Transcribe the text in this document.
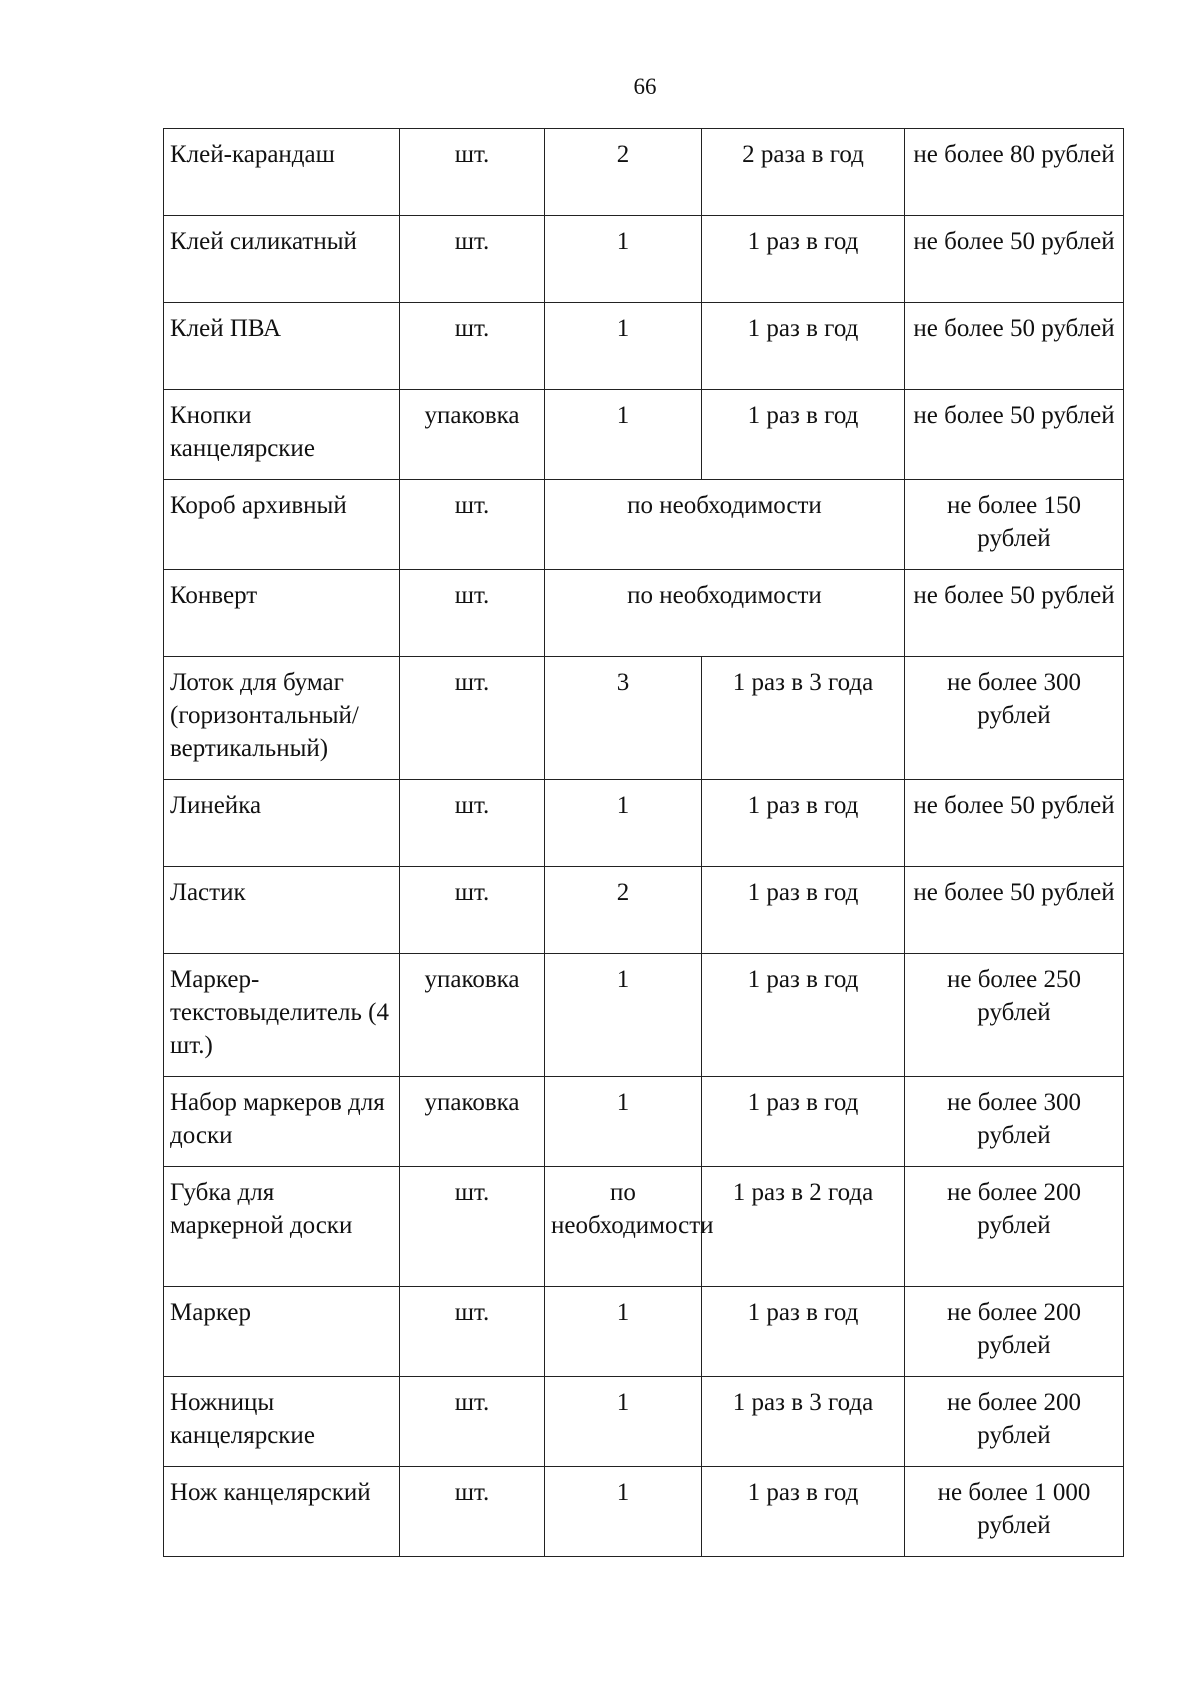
66
Клей-карандаш	шт.	2	2 раза в год	не более 80 рублей
Клей силикатный	шт.	1	1 раз в год	не более 50 рублей
Клей ПВА	шт.	1	1 раз в год	не более 50 рублей
Кнопки канцелярские	упаковка	1	1 раз в год	не более 50 рублей
Короб архивный	шт.	по необходимости		не более 150 рублей
Конверт	шт.	по необходимости		не более 50 рублей
Лоток для бумаг (горизонтальный/ вертикальный)	шт.	3	1 раз в 3 года	не более 300 рублей
Линейка	шт.	1	1 раз в год	не более 50 рублей
Ластик	шт.	2	1 раз в год	не более 50 рублей
Маркер-текстовыделитель (4 шт.)	упаковка	1	1 раз в год	не более 250 рублей
Набор маркеров для доски	упаковка	1	1 раз в год	не более 300 рублей
Губка для маркерной доски	шт.	по необходимости	1 раз в 2 года	не более 200 рублей
Маркер	шт.	1	1 раз в год	не более 200 рублей
Ножницы канцелярские	шт.	1	1 раз в 3 года	не более 200 рублей
Нож канцелярский	шт.	1	1 раз в год	не более 1 000 рублей
